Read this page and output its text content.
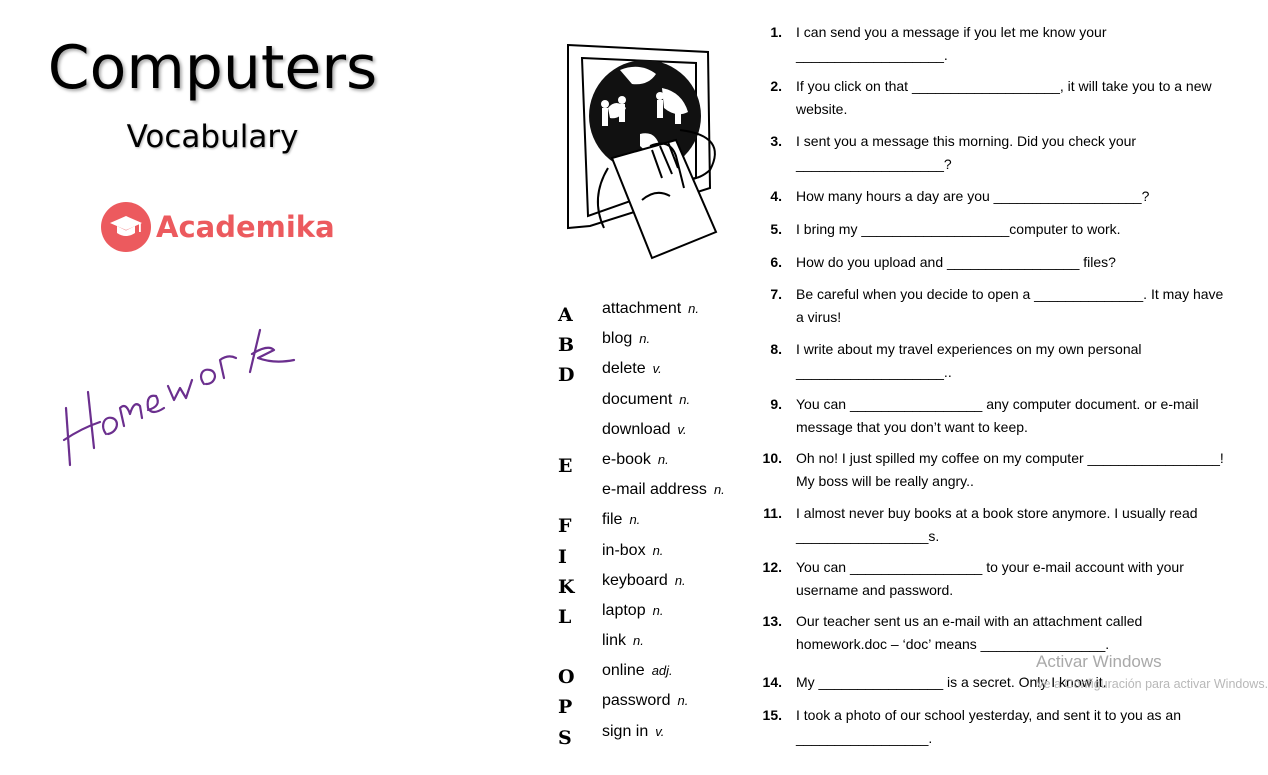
Computers
Vocabulary
Academika
A	attachment n.
B	blog n.
D	delete v.
document n.
download v.
E	e-book n.
e-mail address n.
F	file n.
I	in-box n.
K	keyboard n.
L	laptop n.
link n.
O	online adj.
P	password n.
S	sign in v.
1. I can send you a message if you let me know your ___________________.
2. If you click on that ___________________, it will take you to a new website.
3. I sent you a message this morning. Did you check your ___________________?
4. How many hours a day are you ___________________?
5. I bring my ___________________computer to work.
6. How do you upload and _________________ files?
7. Be careful when you decide to open a ______________. It may have a virus!
8. I write about my travel experiences on my own personal ___________________..
9. You can _________________ any computer document. or e-mail message that you don’t want to keep.
10. Oh no! I just spilled my coffee on my computer _________________! My boss will be really angry..
11. I almost never buy books at a book store anymore. I usually read _________________s.
12. You can _________________ to your e-mail account with your username and password.
13. Our teacher sent us an e-mail with an attachment called homework.doc – ‘doc’ means ________________.
14. My ________________ is a secret. Only I know it.
15. I took a photo of our school yesterday, and sent it to you as an _________________.
Activar Windows
Ve a Configuración para activar Windows.
